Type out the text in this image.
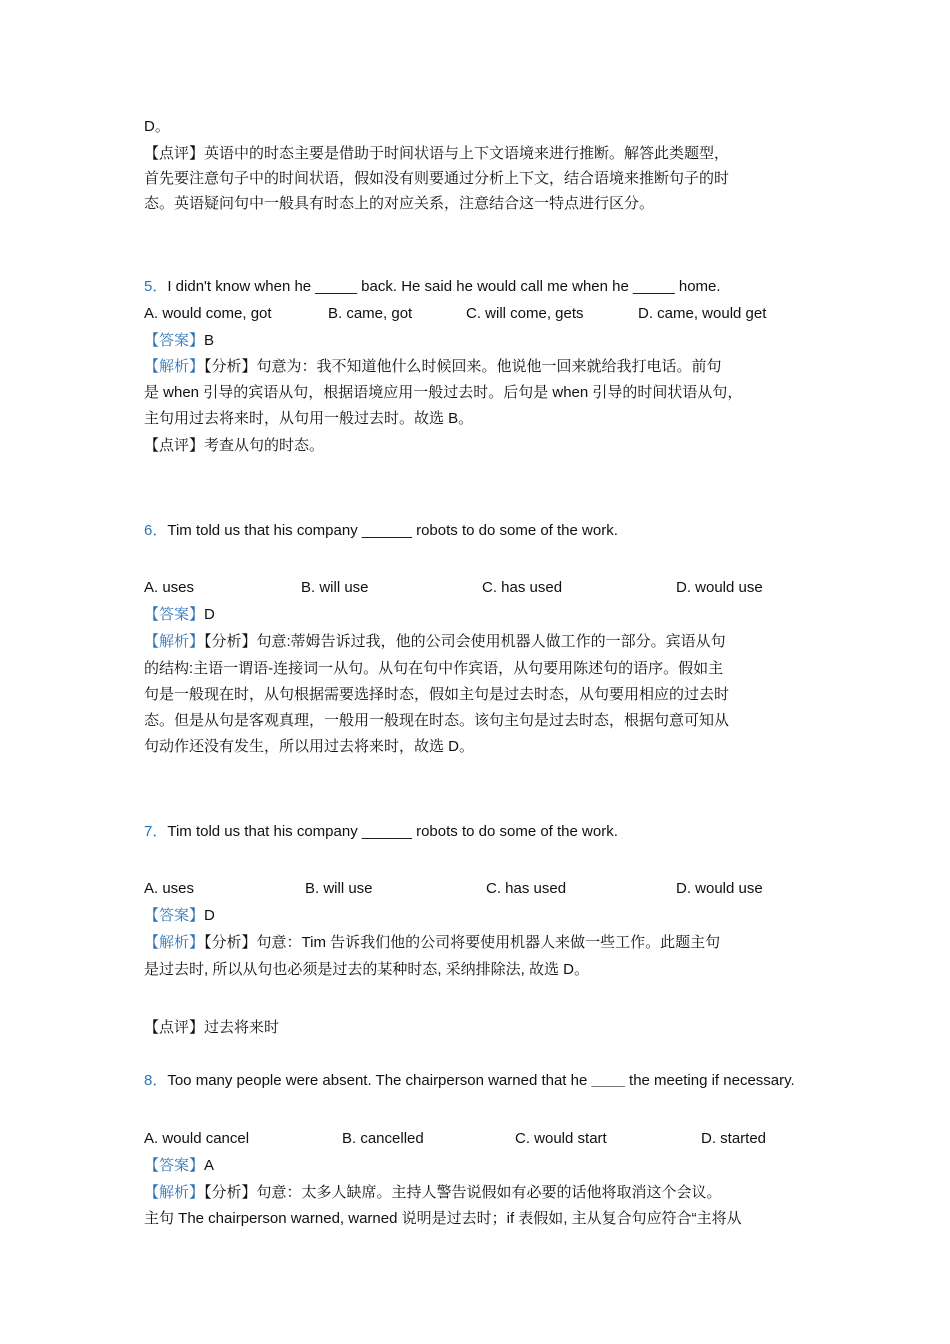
D。
【点评】英语中的时态主要是借助于时间状语与上下文语境来进行推断。解答此类题型，
首先要注意句子中的时间状语，假如没有则要通过分析上下文，结合语境来推断句子的时
态。英语疑问句中一般具有时态上的对应关系，注意结合这一特点进行区分。
5．I didn't know when he _____ back. He said he would call me when he _____ home.
A. would come, got	B. came, got	C. will come, gets	D. came, would get
【答案】B
【解析】【分析】句意为：我不知道他什么时候回来。他说他一回来就给我打电话。前句
是 when 引导的宾语从句，根据语境应用一般过去时。后句是 when 引导的时间状语从句，
主句用过去将来时，从句用一般过去时。故选 B。
【点评】考查从句的时态。
6．Tim told us that his company ______ robots to do some of the work.
A. uses	B. will use	C. has used	D. would use
【答案】D
【解析】【分析】句意:蒂姆告诉过我，他的公司会使用机器人做工作的一部分。宾语从句
的结构:主语一谓语-连接词一从句。从句在句中作宾语，从句要用陈述句的语序。假如主
句是一般现在时，从句根据需要选择时态，假如主句是过去时态，从句要用相应的过去时
态。但是从句是客观真理，一般用一般现在时态。该句主句是过去时态，根据句意可知从
句动作还没有发生，所以用过去将来时，故选 D。
7．Tim told us that his company ______ robots to do some of the work.
A. uses	B. will use	C. has used	D. would use
【答案】D
【解析】【分析】句意：Tim 告诉我们他的公司将要使用机器人来做一些工作。此题主句
是过去时, 所以从句也必须是过去的某种时态, 采纳排除法, 故选 D。
【点评】过去将来时
8．Too many people were absent. The chairperson warned that he ____ the meeting if necessary.
A. would cancel	B. cancelled	C. would start	D. started
【答案】A
【解析】【分析】句意：太多人缺席。主持人警告说假如有必要的话他将取消这个会议。
主句 The chairperson warned, warned 说明是过去时；if 表假如, 主从复合句应符合“主将从
